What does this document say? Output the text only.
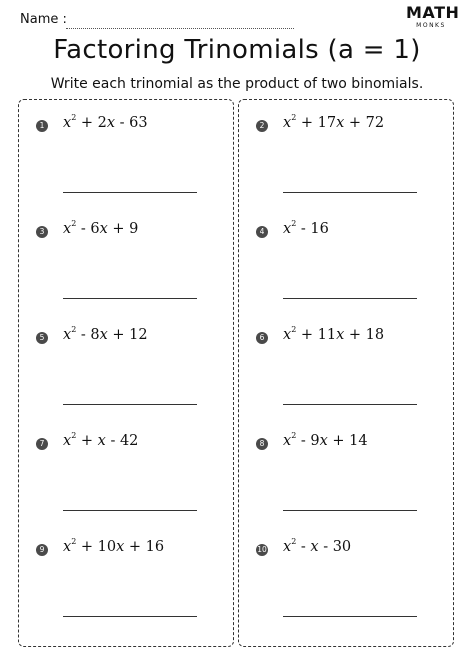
Name :	MATH
MONKS
Factoring Trinomials (a = 1)
Write each trinomial as the product of two binomials.
1 $x^2 + 2x - 63$
3 $x^2 - 6x + 9$
5 $x^2 - 8x + 12$
7 $x^2 + x - 42$
9 $x^2 + 10x + 16$
2 $x^2 + 17x + 72$
4 $x^2 - 16$
6 $x^2 + 11x + 18$
8 $x^2 - 9x + 14$
10 $x^2$ - x - 30
